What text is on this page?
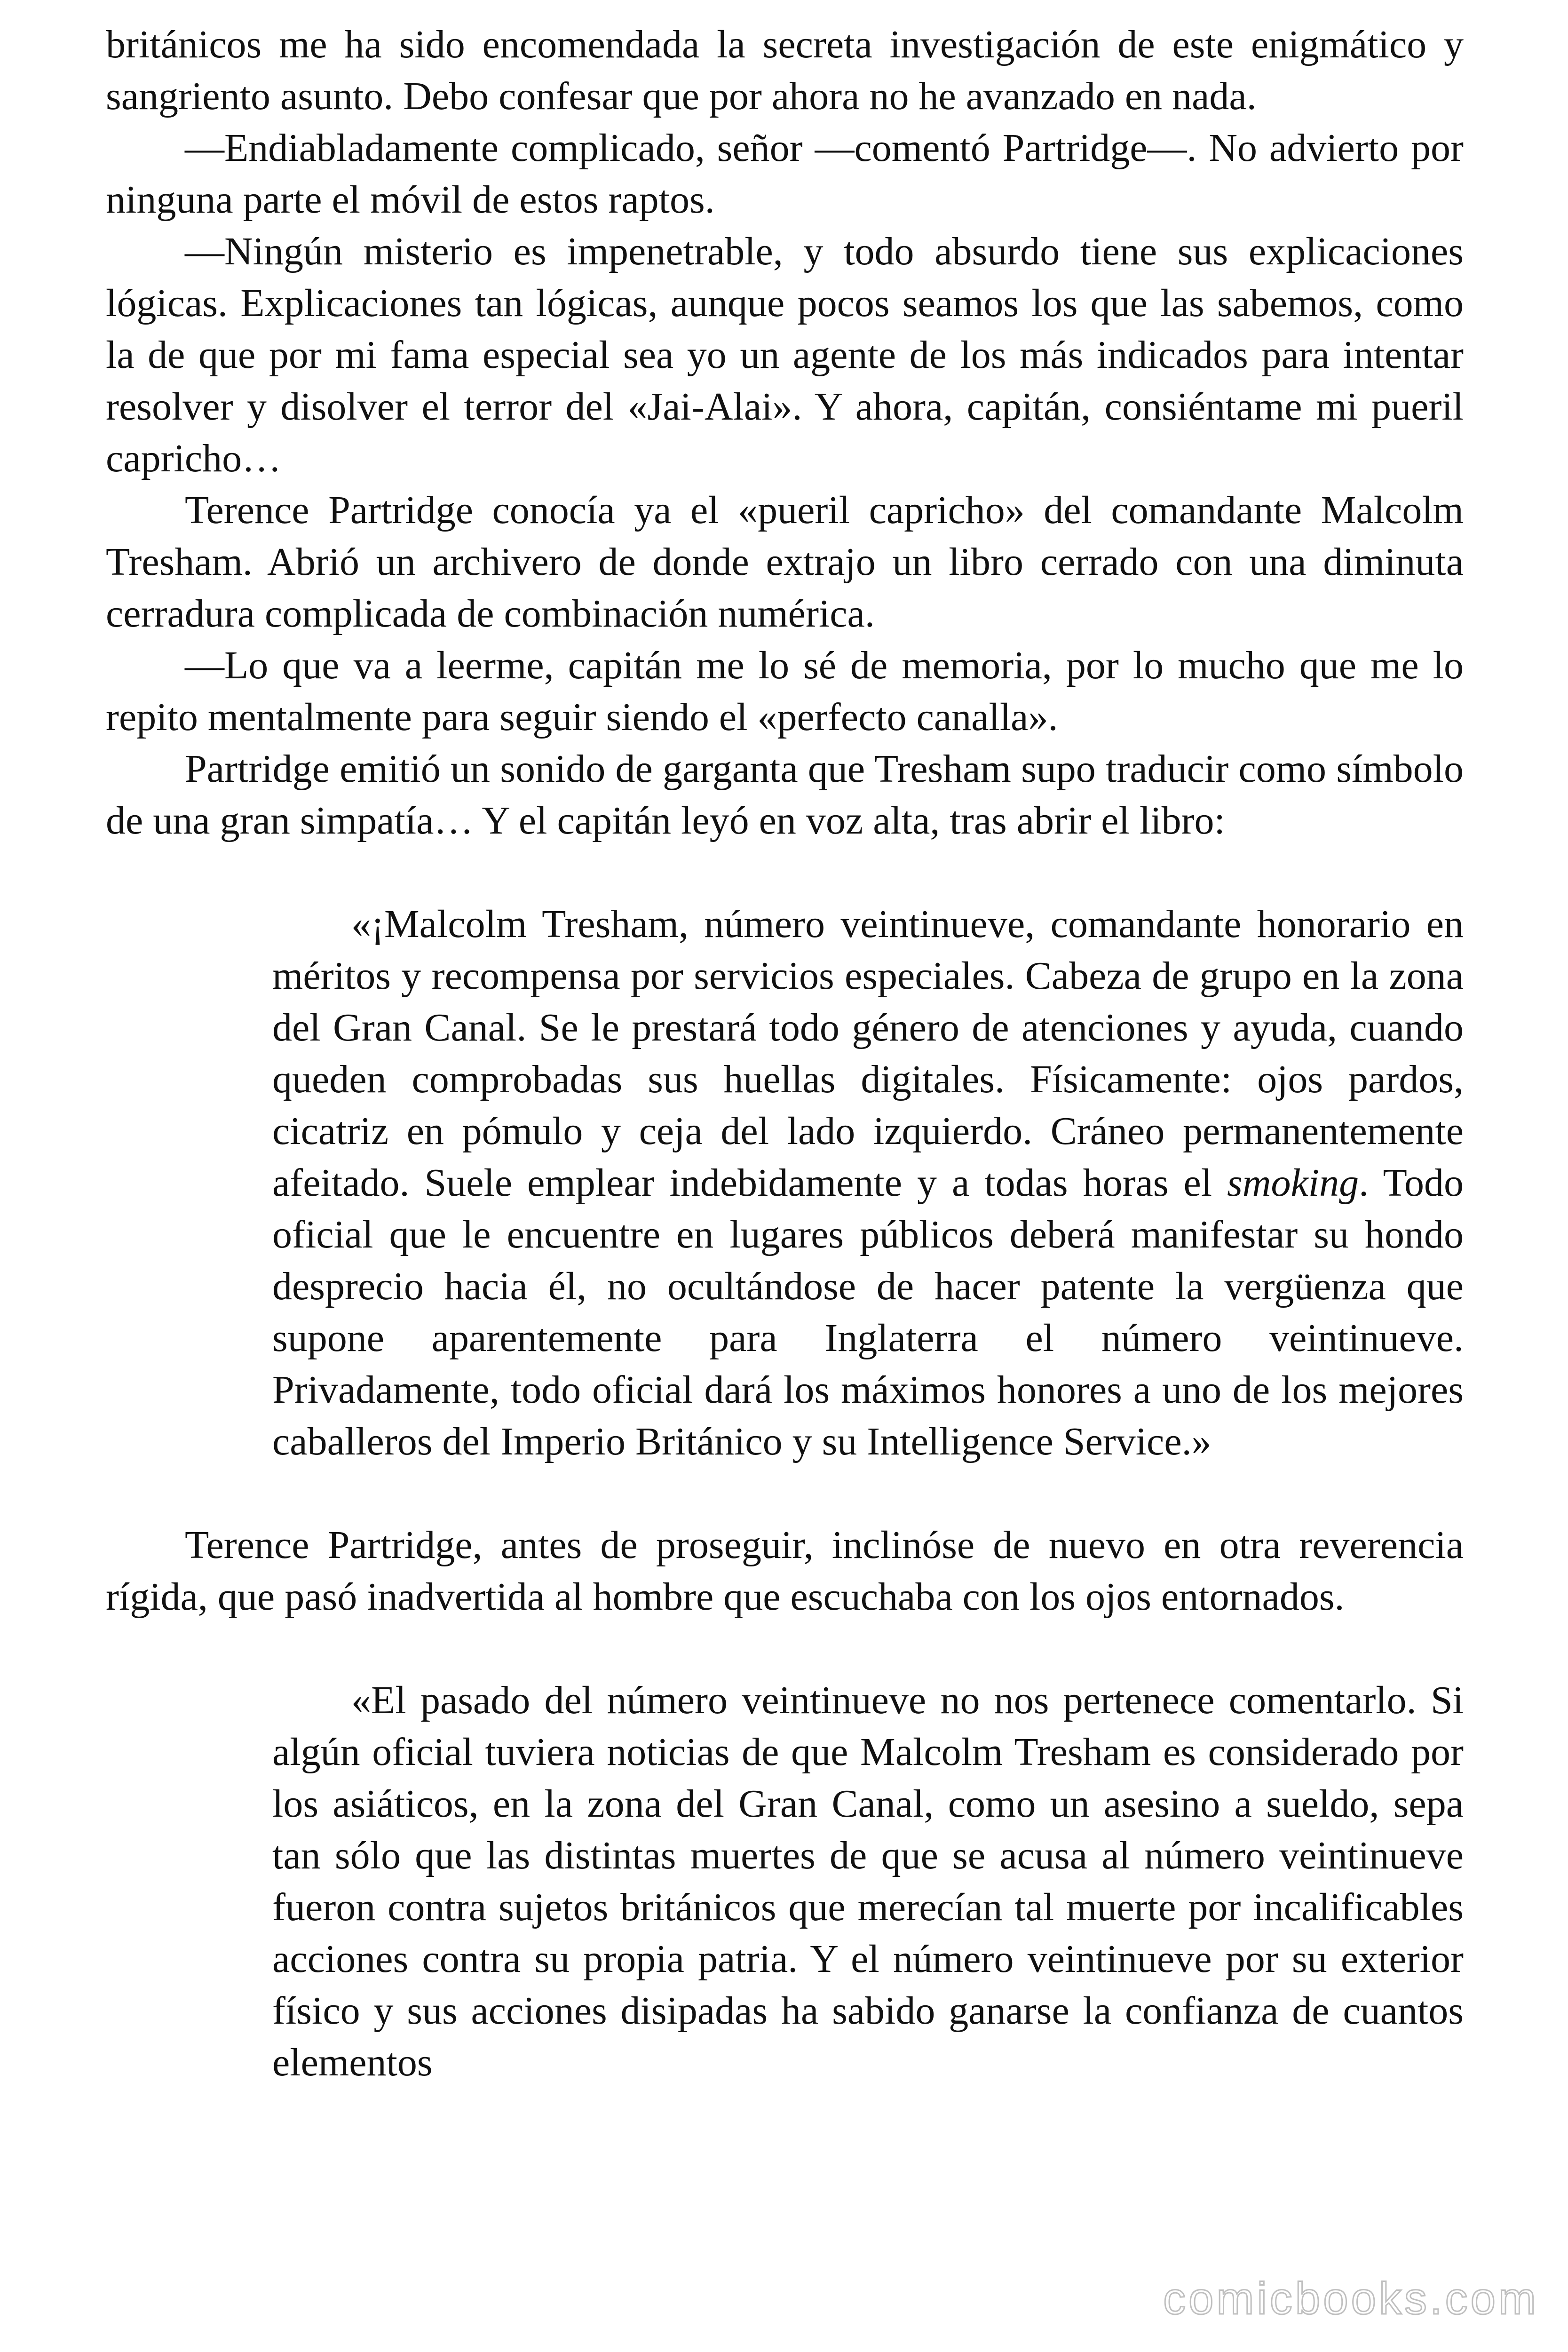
británicos me ha sido encomendada la secreta investigación de este enigmático y sangriento asunto. Debo confesar que por ahora no he avanzado en nada.

—Endiabladamente complicado, señor —comentó Partridge—. No advierto por ninguna parte el móvil de estos raptos.

—Ningún misterio es impenetrable, y todo absurdo tiene sus explicaciones lógicas. Explicaciones tan lógicas, aunque pocos seamos los que las sabemos, como la de que por mi fama especial sea yo un agente de los más indicados para intentar resolver y disolver el terror del «Jai-Alai». Y ahora, capitán, consiéntame mi pueril capricho…

Terence Partridge conocía ya el «pueril capricho» del comandante Malcolm Tresham. Abrió un archivero de donde extrajo un libro cerrado con una diminuta cerradura complicada de combinación numérica.

—Lo que va a leerme, capitán me lo sé de memoria, por lo mucho que me lo repito mentalmente para seguir siendo el «perfecto canalla».

Partridge emitió un sonido de garganta que Tresham supo traducir como símbolo de una gran simpatía… Y el capitán leyó en voz alta, tras abrir el libro:

«¡Malcolm Tresham, número veintinueve, comandante honorario en méritos y recompensa por servicios especiales. Cabeza de grupo en la zona del Gran Canal. Se le prestará todo género de atenciones y ayuda, cuando queden comprobadas sus huellas digitales. Físicamente: ojos pardos, cicatriz en pómulo y ceja del lado izquierdo. Cráneo permanentemente afeitado. Suele emplear indebidamente y a todas horas el smoking. Todo oficial que le encuentre en lugares públicos deberá manifestar su hondo desprecio hacia él, no ocultándose de hacer patente la vergüenza que supone aparentemente para Inglaterra el número veintinueve. Privadamente, todo oficial dará los máximos honores a uno de los mejores caballeros del Imperio Británico y su Intelligence Service.»

Terence Partridge, antes de proseguir, inclinóse de nuevo en otra reverencia rígida, que pasó inadvertida al hombre que escuchaba con los ojos entornados.

«El pasado del número veintinueve no nos pertenece comentarlo. Si algún oficial tuviera noticias de que Malcolm Tresham es considerado por los asiáticos, en la zona del Gran Canal, como un asesino a sueldo, sepa tan sólo que las distintas muertes de que se acusa al número veintinueve fueron contra sujetos británicos que merecían tal muerte por incalificables acciones contra su propia patria. Y el número veintinueve por su exterior físico y sus acciones disipadas ha sabido ganarse la confianza de cuantos elementos

comicbooks.com
